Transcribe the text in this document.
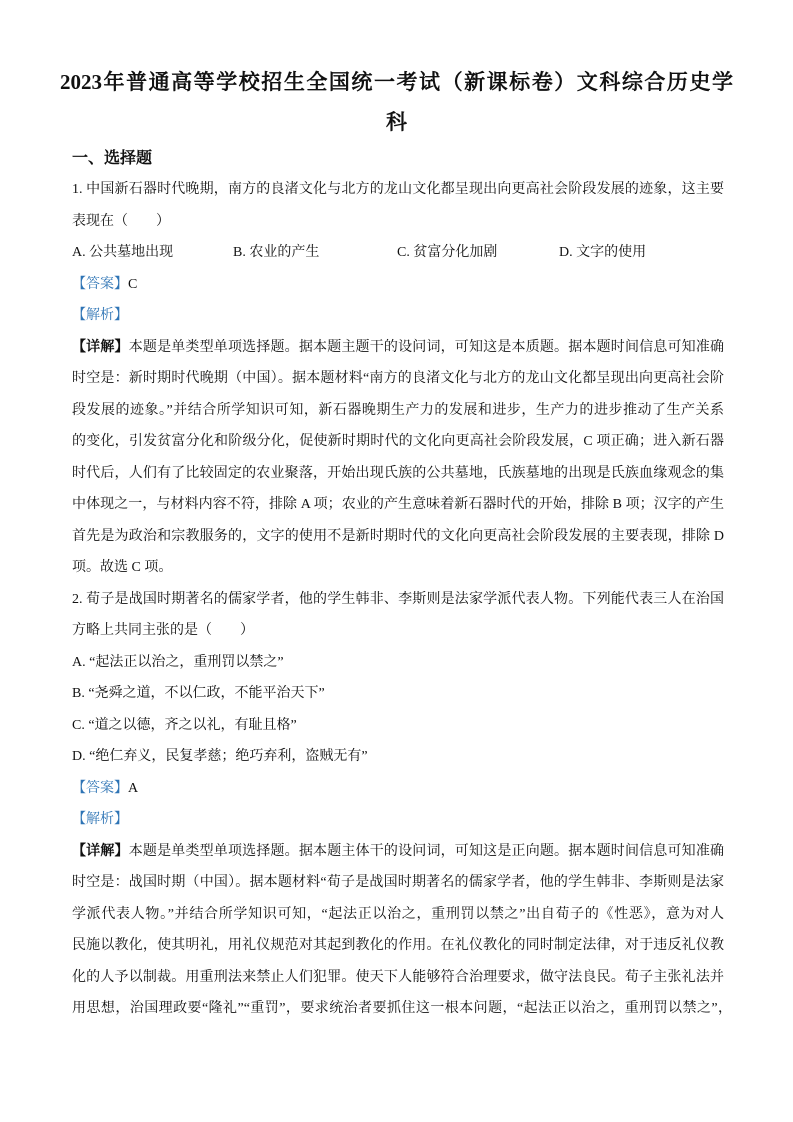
2023年普通高等学校招生全国统一考试（新课标卷）文科综合历史学
科
一、选择题
1. 中国新石器时代晚期，南方的良渚文化与北方的龙山文化都呈现出向更高社会阶段发展的迹象，这主要
表现在（　　）
A. 公共墓地出现	B. 农业的产生	C. 贫富分化加剧	D. 文字的使用
【答案】C
【解析】
【详解】本题是单类型单项选择题。据本题主题干的设问词，可知这是本质题。据本题时间信息可知准确
时空是：新时期时代晚期（中国）。据本题材料“南方的良渚文化与北方的龙山文化都呈现出向更高社会阶
段发展的迹象。”并结合所学知识可知，新石器晚期生产力的发展和进步，生产力的进步推动了生产关系
的变化，引发贫富分化和阶级分化，促使新时期时代的文化向更高社会阶段发展，C 项正确；进入新石器
时代后，人们有了比较固定的农业聚落，开始出现氏族的公共墓地，氏族墓地的出现是氏族血缘观念的集
中体现之一，与材料内容不符，排除 A 项；农业的产生意味着新石器时代的开始，排除 B 项；汉字的产生
首先是为政治和宗教服务的，文字的使用不是新时期时代的文化向更高社会阶段发展的主要表现，排除 D
项。故选 C 项。
2. 荀子是战国时期著名的儒家学者，他的学生韩非、李斯则是法家学派代表人物。下列能代表三人在治国
方略上共同主张的是（　　）
A. “起法正以治之，重刑罚以禁之”
B. “尧舜之道，不以仁政，不能平治天下”
C. “道之以德，齐之以礼，有耻且格”
D. “绝仁弃义，民复孝慈；绝巧弃利，盗贼无有”
【答案】A
【解析】
【详解】本题是单类型单项选择题。据本题主体干的设问词，可知这是正向题。据本题时间信息可知准确
时空是：战国时期（中国）。据本题材料“荀子是战国时期著名的儒家学者，他的学生韩非、李斯则是法家
学派代表人物。”并结合所学知识可知，“起法正以治之，重刑罚以禁之”出自荀子的《性恶》，意为对人
民施以教化，使其明礼，用礼仪规范对其起到教化的作用。在礼仪教化的同时制定法律，对于违反礼仪教
化的人予以制裁。用重刑法来禁止人们犯罪。使天下人能够符合治理要求，做守法良民。荀子主张礼法并
用思想，治国理政要“隆礼”“重罚”，要求统治者要抓住这一根本问题，“起法正以治之，重刑罚以禁之”，
